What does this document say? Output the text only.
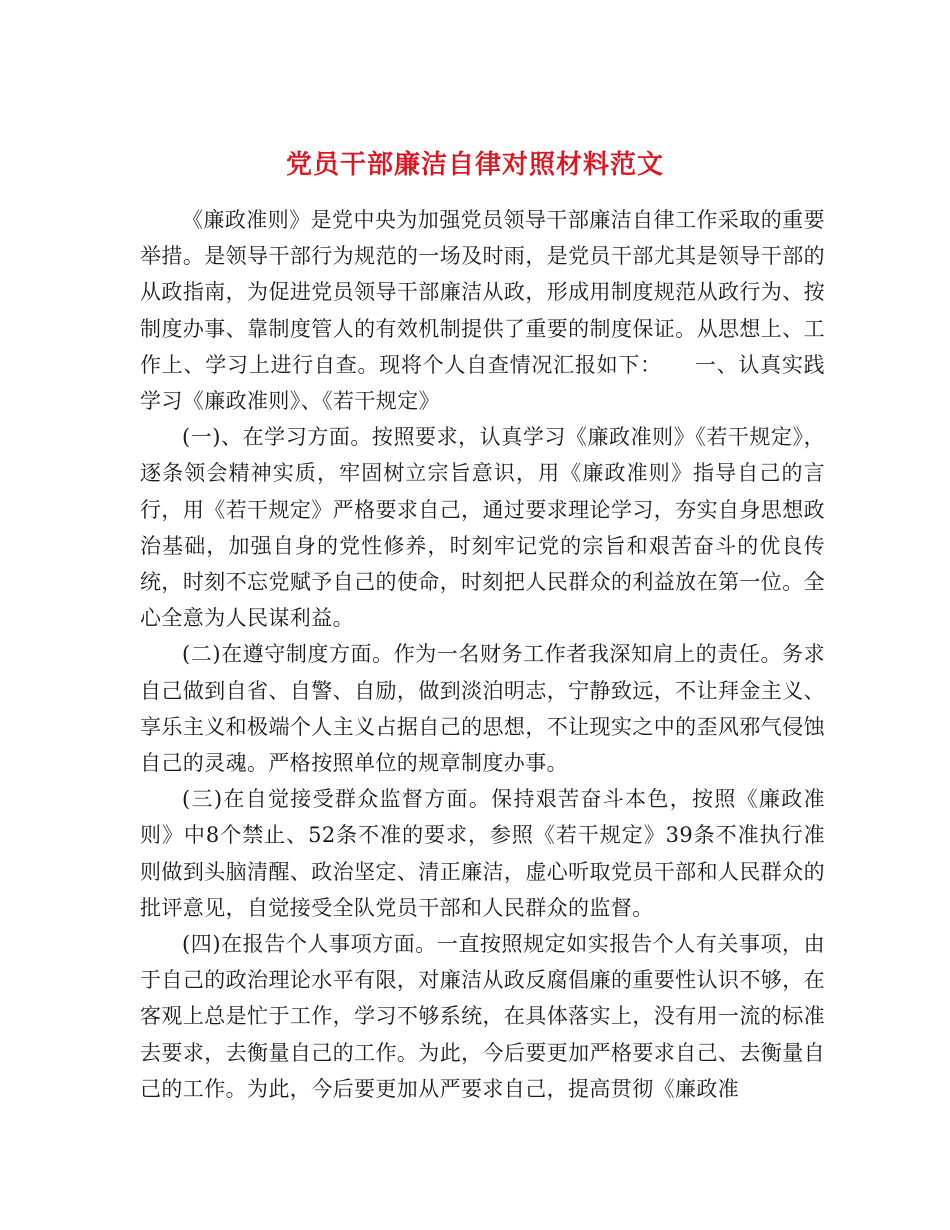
党员干部廉洁自律对照材料范文

《廉政准则》是党中央为加强党员领导干部廉洁自律工作采取的重要举措。是领导干部行为规范的一场及时雨，是党员干部尤其是领导干部的从政指南，为促进党员领导干部廉洁从政，形成用制度规范从政行为、按制度办事、靠制度管人的有效机制提供了重要的制度保证。从思想上、工作上、学习上进行自查。现将个人自查情况汇报如下：　　一、认真实践学习《廉政准则》、《若干规定》

(一)、在学习方面。按照要求，认真学习《廉政准则》《若干规定》，逐条领会精神实质，牢固树立宗旨意识，用《廉政准则》指导自己的言行，用《若干规定》严格要求自己，通过要求理论学习，夯实自身思想政治基础，加强自身的党性修养，时刻牢记党的宗旨和艰苦奋斗的优良传统，时刻不忘党赋予自己的使命，时刻把人民群众的利益放在第一位。全心全意为人民谋利益。

(二)在遵守制度方面。作为一名财务工作者我深知肩上的责任。务求自己做到自省、自警、自励，做到淡泊明志，宁静致远，不让拜金主义、享乐主义和极端个人主义占据自己的思想，不让现实之中的歪风邪气侵蚀自己的灵魂。严格按照单位的规章制度办事。

(三)在自觉接受群众监督方面。保持艰苦奋斗本色，按照《廉政准则》中8个禁止、52条不准的要求，参照《若干规定》39条不准执行准则做到头脑清醒、政治坚定、清正廉洁，虚心听取党员干部和人民群众的批评意见，自觉接受全队党员干部和人民群众的监督。

(四)在报告个人事项方面。一直按照规定如实报告个人有关事项，由于自己的政治理论水平有限，对廉洁从政反腐倡廉的重要性认识不够，在客观上总是忙于工作，学习不够系统，在具体落实上，没有用一流的标准去要求，去衡量自己的工作。为此，今后要更加严格要求自己、去衡量自己的工作。为此，今后要更加从严要求自己，提高贯彻《廉政准
